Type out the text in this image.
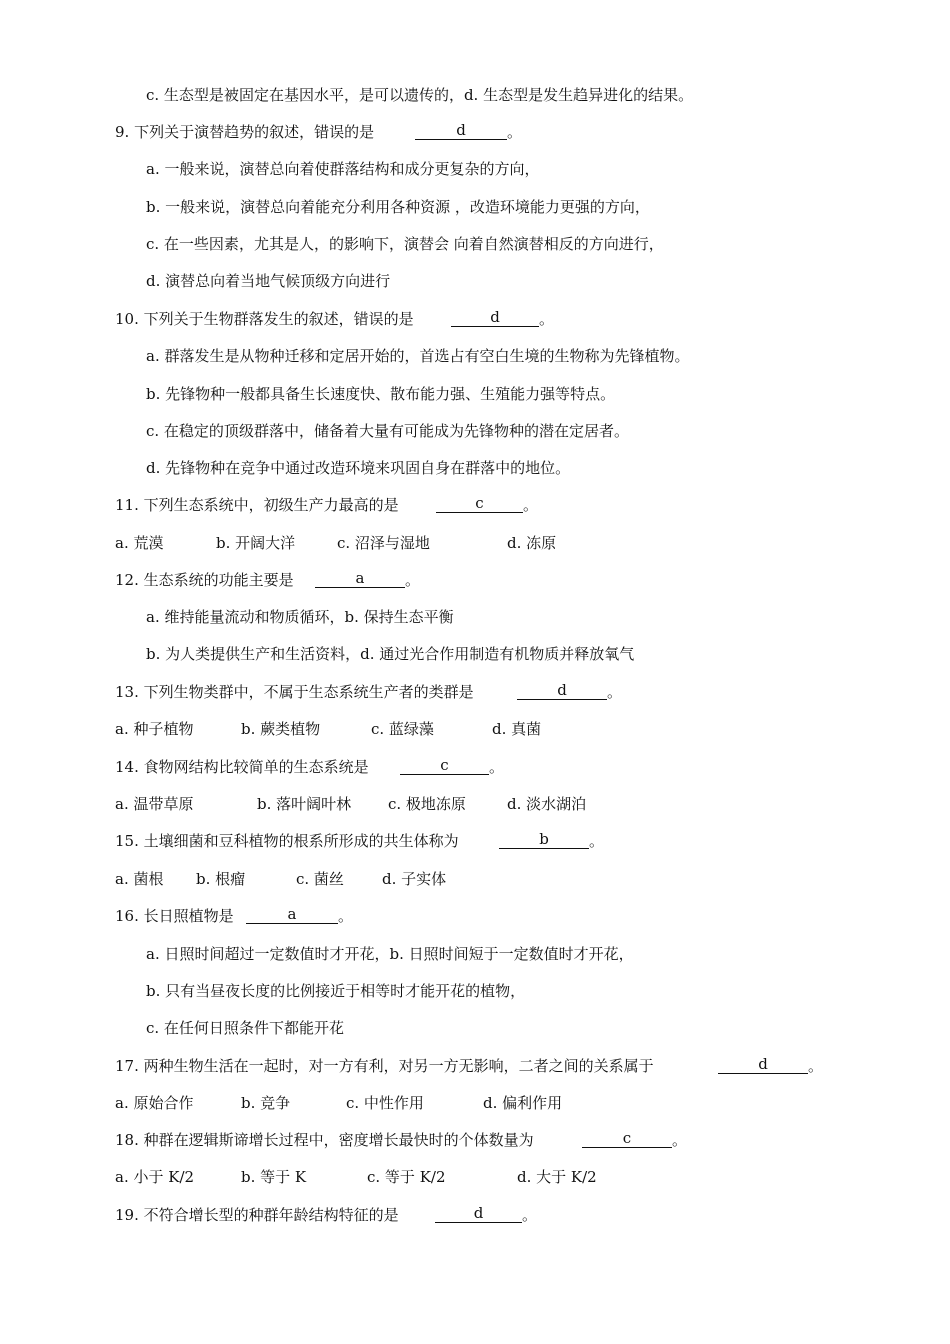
c. 生态型是被固定在基因水平，是可以遗传的，d. 生态型是发生趋异进化的结果。
9. 下列关于演替趋势的叙述，错误的是	d	。
a. 一般来说，演替总向着使群落结构和成分更复杂的方向，
b. 一般来说，演替总向着能充分利用各种资源 ，改造环境能力更强的方向，
c. 在一些因素，尤其是人，的影响下，演替会 向着自然演替相反的方向进行，
d. 演替总向着当地气候顶级方向进行
10. 下列关于生物群落发生的叙述，错误的是	d	。
a. 群落发生是从物种迁移和定居开始的，首选占有空白生境的生物称为先锋植物。
b. 先锋物种一般都具备生长速度快、散布能力强、生殖能力强等特点。
c. 在稳定的顶级群落中，储备着大量有可能成为先锋物种的潜在定居者。
d. 先锋物种在竞争中通过改造环境来巩固自身在群落中的地位。
11. 下列生态系统中，初级生产力最高的是	c	。
a. 荒漠	b. 开阔大洋	c. 沼泽与湿地	d. 冻原
12. 生态系统的功能主要是	a	。
a. 维持能量流动和物质循环，b. 保持生态平衡
b. 为人类提供生产和生活资料，d. 通过光合作用制造有机物质并释放氧气
13. 下列生物类群中，不属于生态系统生产者的类群是	d	。
a. 种子植物	b. 蕨类植物	c. 蓝绿藻	d. 真菌
14. 食物网结构比较简单的生态系统是	c	。
a. 温带草原	b. 落叶阔叶林 c. 极地冻原	d. 淡水湖泊
15. 土壤细菌和豆科植物的根系所形成的共生体称为	b	。
a. 菌根 b. 根瘤	c. 菌丝	d. 子实体
16. 长日照植物是	a	。
a. 日照时间超过一定数值时才开花，b. 日照时间短于一定数值时才开花，
b. 只有当昼夜长度的比例接近于相等时才能开花的植物，
c. 在任何日照条件下都能开花
17. 两种生物生活在一起时，对一方有利，对另一方无影响，二者之间的关系属于	d	。
a. 原始合作	b. 竞争	c. 中性作用	d. 偏利作用
18. 种群在逻辑斯谛增长过程中，密度增长最快时的个体数量为	c	。
a. 小于 K/2	b. 等于 K	c. 等于 K/2	d. 大于 K/2
19. 不符合增长型的种群年龄结构特征的是	d	。
